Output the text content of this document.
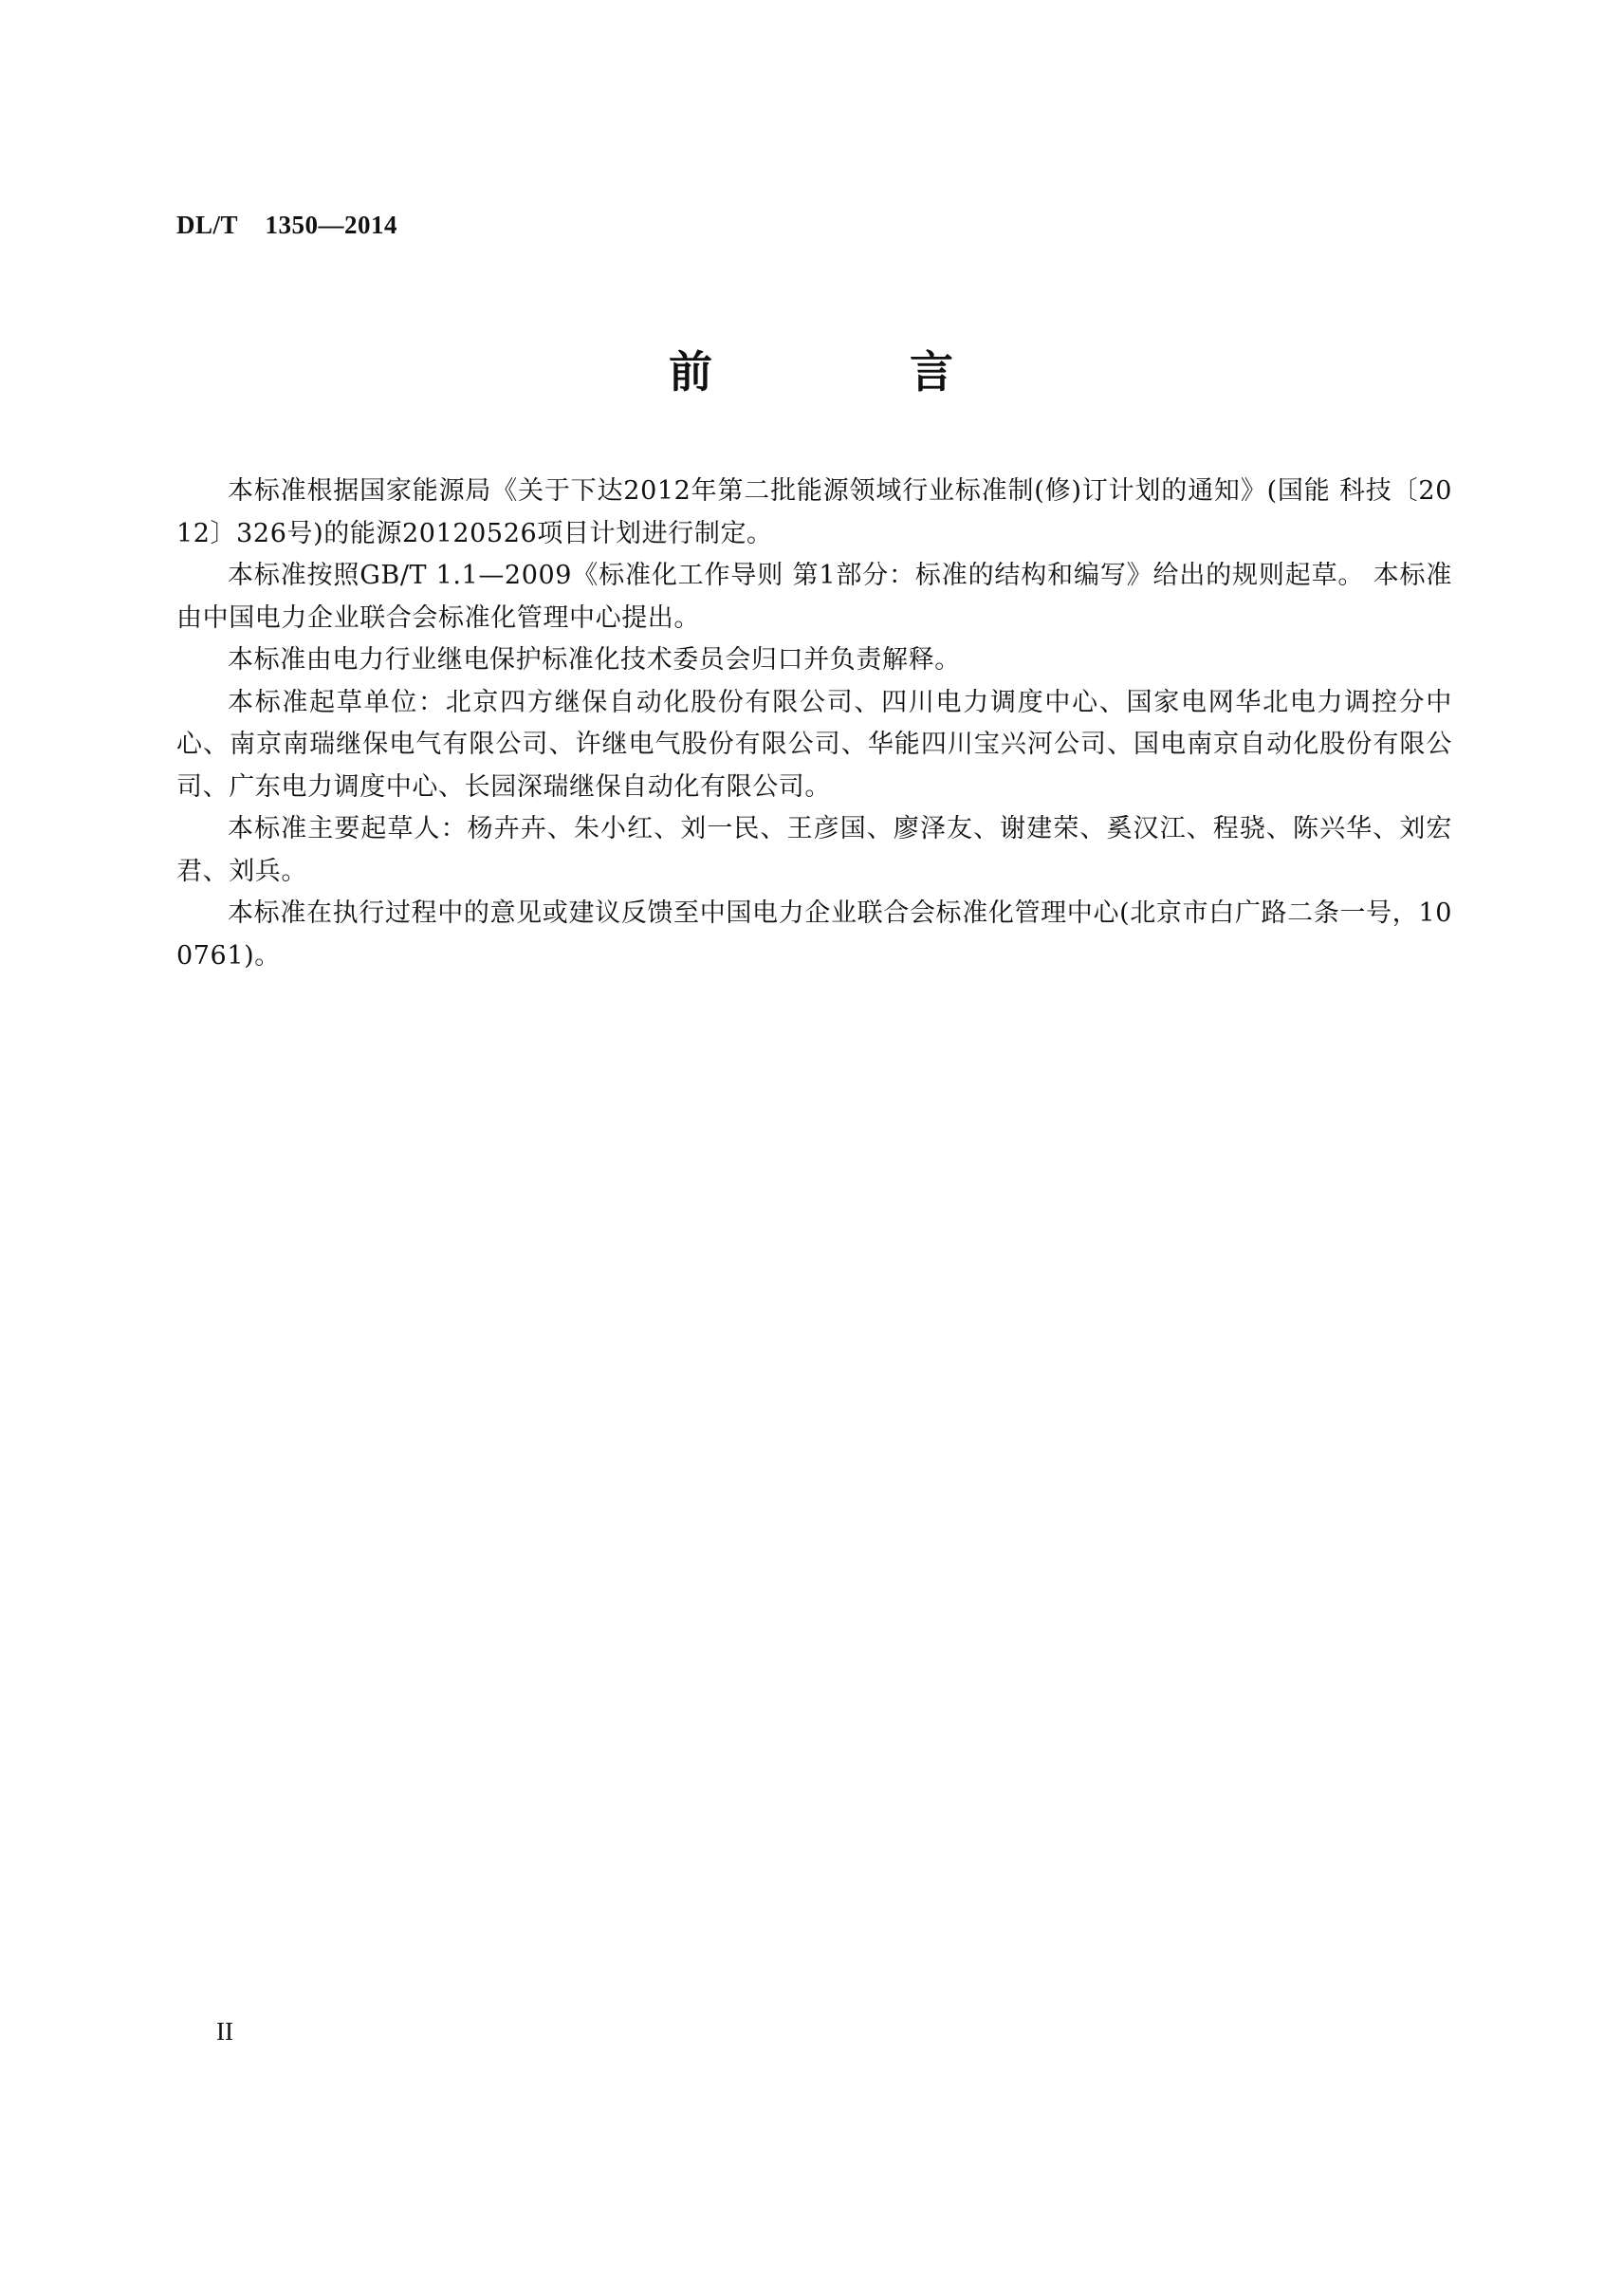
DL/T    1350—2014
前 言

本标准根据国家能源局《关于下达2012年第二批能源领域行业标准制(修)订计划的通知》(国能 科技〔2012〕326号)的能源20120526项目计划进行制定。

本标准按照GB/T 1.1—2009《标准化工作导则 第1部分：标准的结构和编写》给出的规则起草。 本标准由中国电力企业联合会标准化管理中心提出。

本标准由电力行业继电保护标准化技术委员会归口并负责解释。

本标准起草单位：北京四方继保自动化股份有限公司、四川电力调度中心、国家电网华北电力调控分中心、南京南瑞继保电气有限公司、许继电气股份有限公司、华能四川宝兴河公司、国电南京自动化股份有限公司、广东电力调度中心、长园深瑞继保自动化有限公司。

本标准主要起草人：杨卉卉、朱小红、刘一民、王彦国、廖泽友、谢建荣、奚汉江、程骁、陈兴华、刘宏君、刘兵。

本标准在执行过程中的意见或建议反馈至中国电力企业联合会标准化管理中心(北京市白广路二条一号，100761)。

II
